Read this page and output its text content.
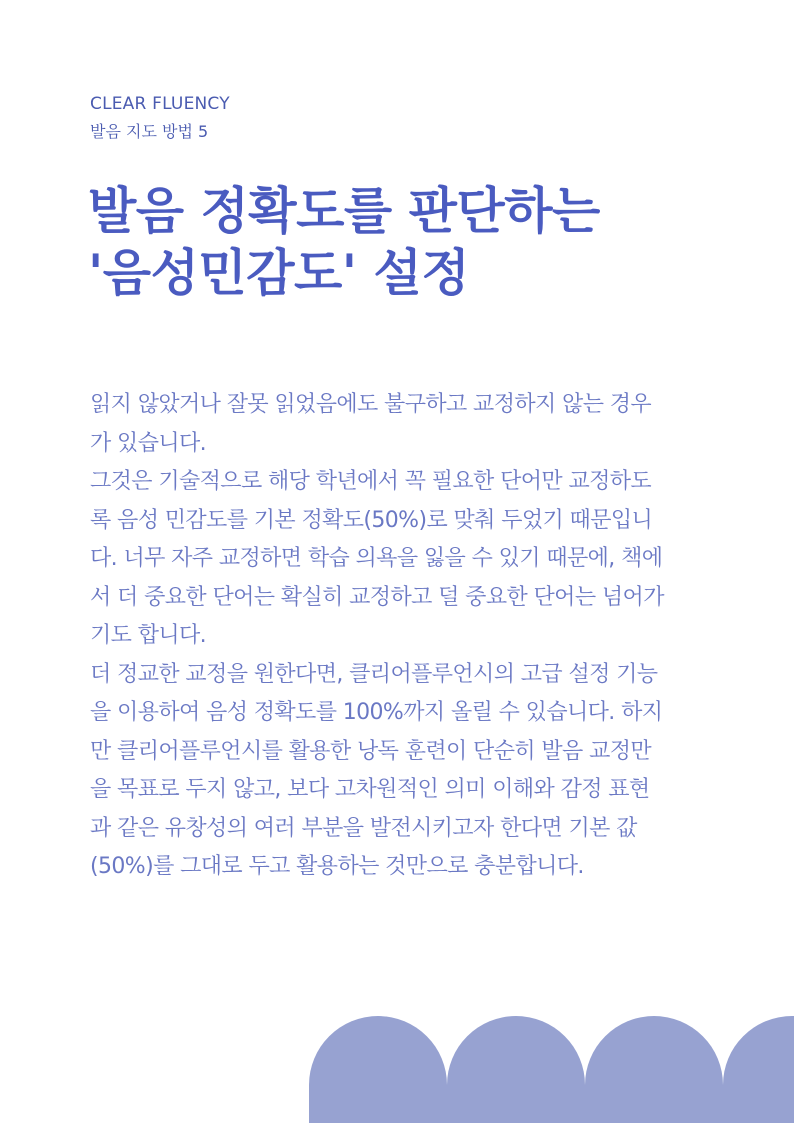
CLEAR FLUENCY
발음 지도 방법 5
발음 정확도를 판단하는
'음성민감도' 설정
읽지 않았거나 잘못 읽었음에도 불구하고 교정하지 않는 경우
가 있습니다.
그것은 기술적으로 해당 학년에서 꼭 필요한 단어만 교정하도
록 음성 민감도를 기본 정확도(50%)로 맞춰 두었기 때문입니
다. 너무 자주 교정하면 학습 의욕을 잃을 수 있기 때문에, 책에
서 더 중요한 단어는 확실히 교정하고 덜 중요한 단어는 넘어가
기도 합니다.
더 정교한 교정을 원한다면, 클리어플루언시의 고급 설정 기능
을 이용하여 음성 정확도를 100%까지 올릴 수 있습니다. 하지
만 클리어플루언시를 활용한 낭독 훈련이 단순히 발음 교정만
을 목표로 두지 않고, 보다 고차원적인 의미 이해와 감정 표현
과 같은 유창성의 여러 부분을 발전시키고자 한다면 기본 값
(50%)를 그대로 두고 활용하는 것만으로 충분합니다.
